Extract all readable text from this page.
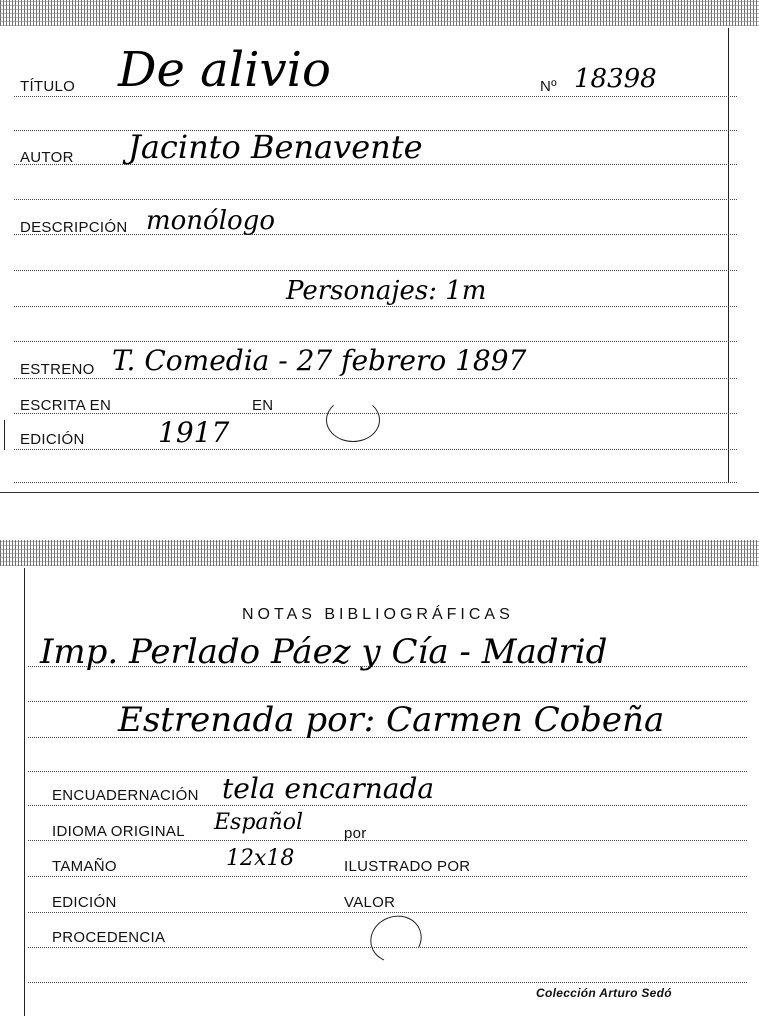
TÍTULO De alivio	Nº 18398
AUTOR Jacinto Benavente
DESCRIPCIÓN monólogo
Personajes: 1m
ESTRENO T. Comedia - 27 febrero 1897
ESCRITA EN	EN
EDICIÓN	1917
NOTAS BIBLIOGRÁFICAS
Imp. Perlado Páez y Cía - Madrid
Estrenada por: Carmen Cobeña
ENCUADERNACIÓN tela encarnada
IDIOMA ORIGINAL Español	por
TAMAÑO	12x18	ILUSTRADO POR
EDICIÓN	VALOR
PROCEDENCIA
Colección Arturo Sedó
